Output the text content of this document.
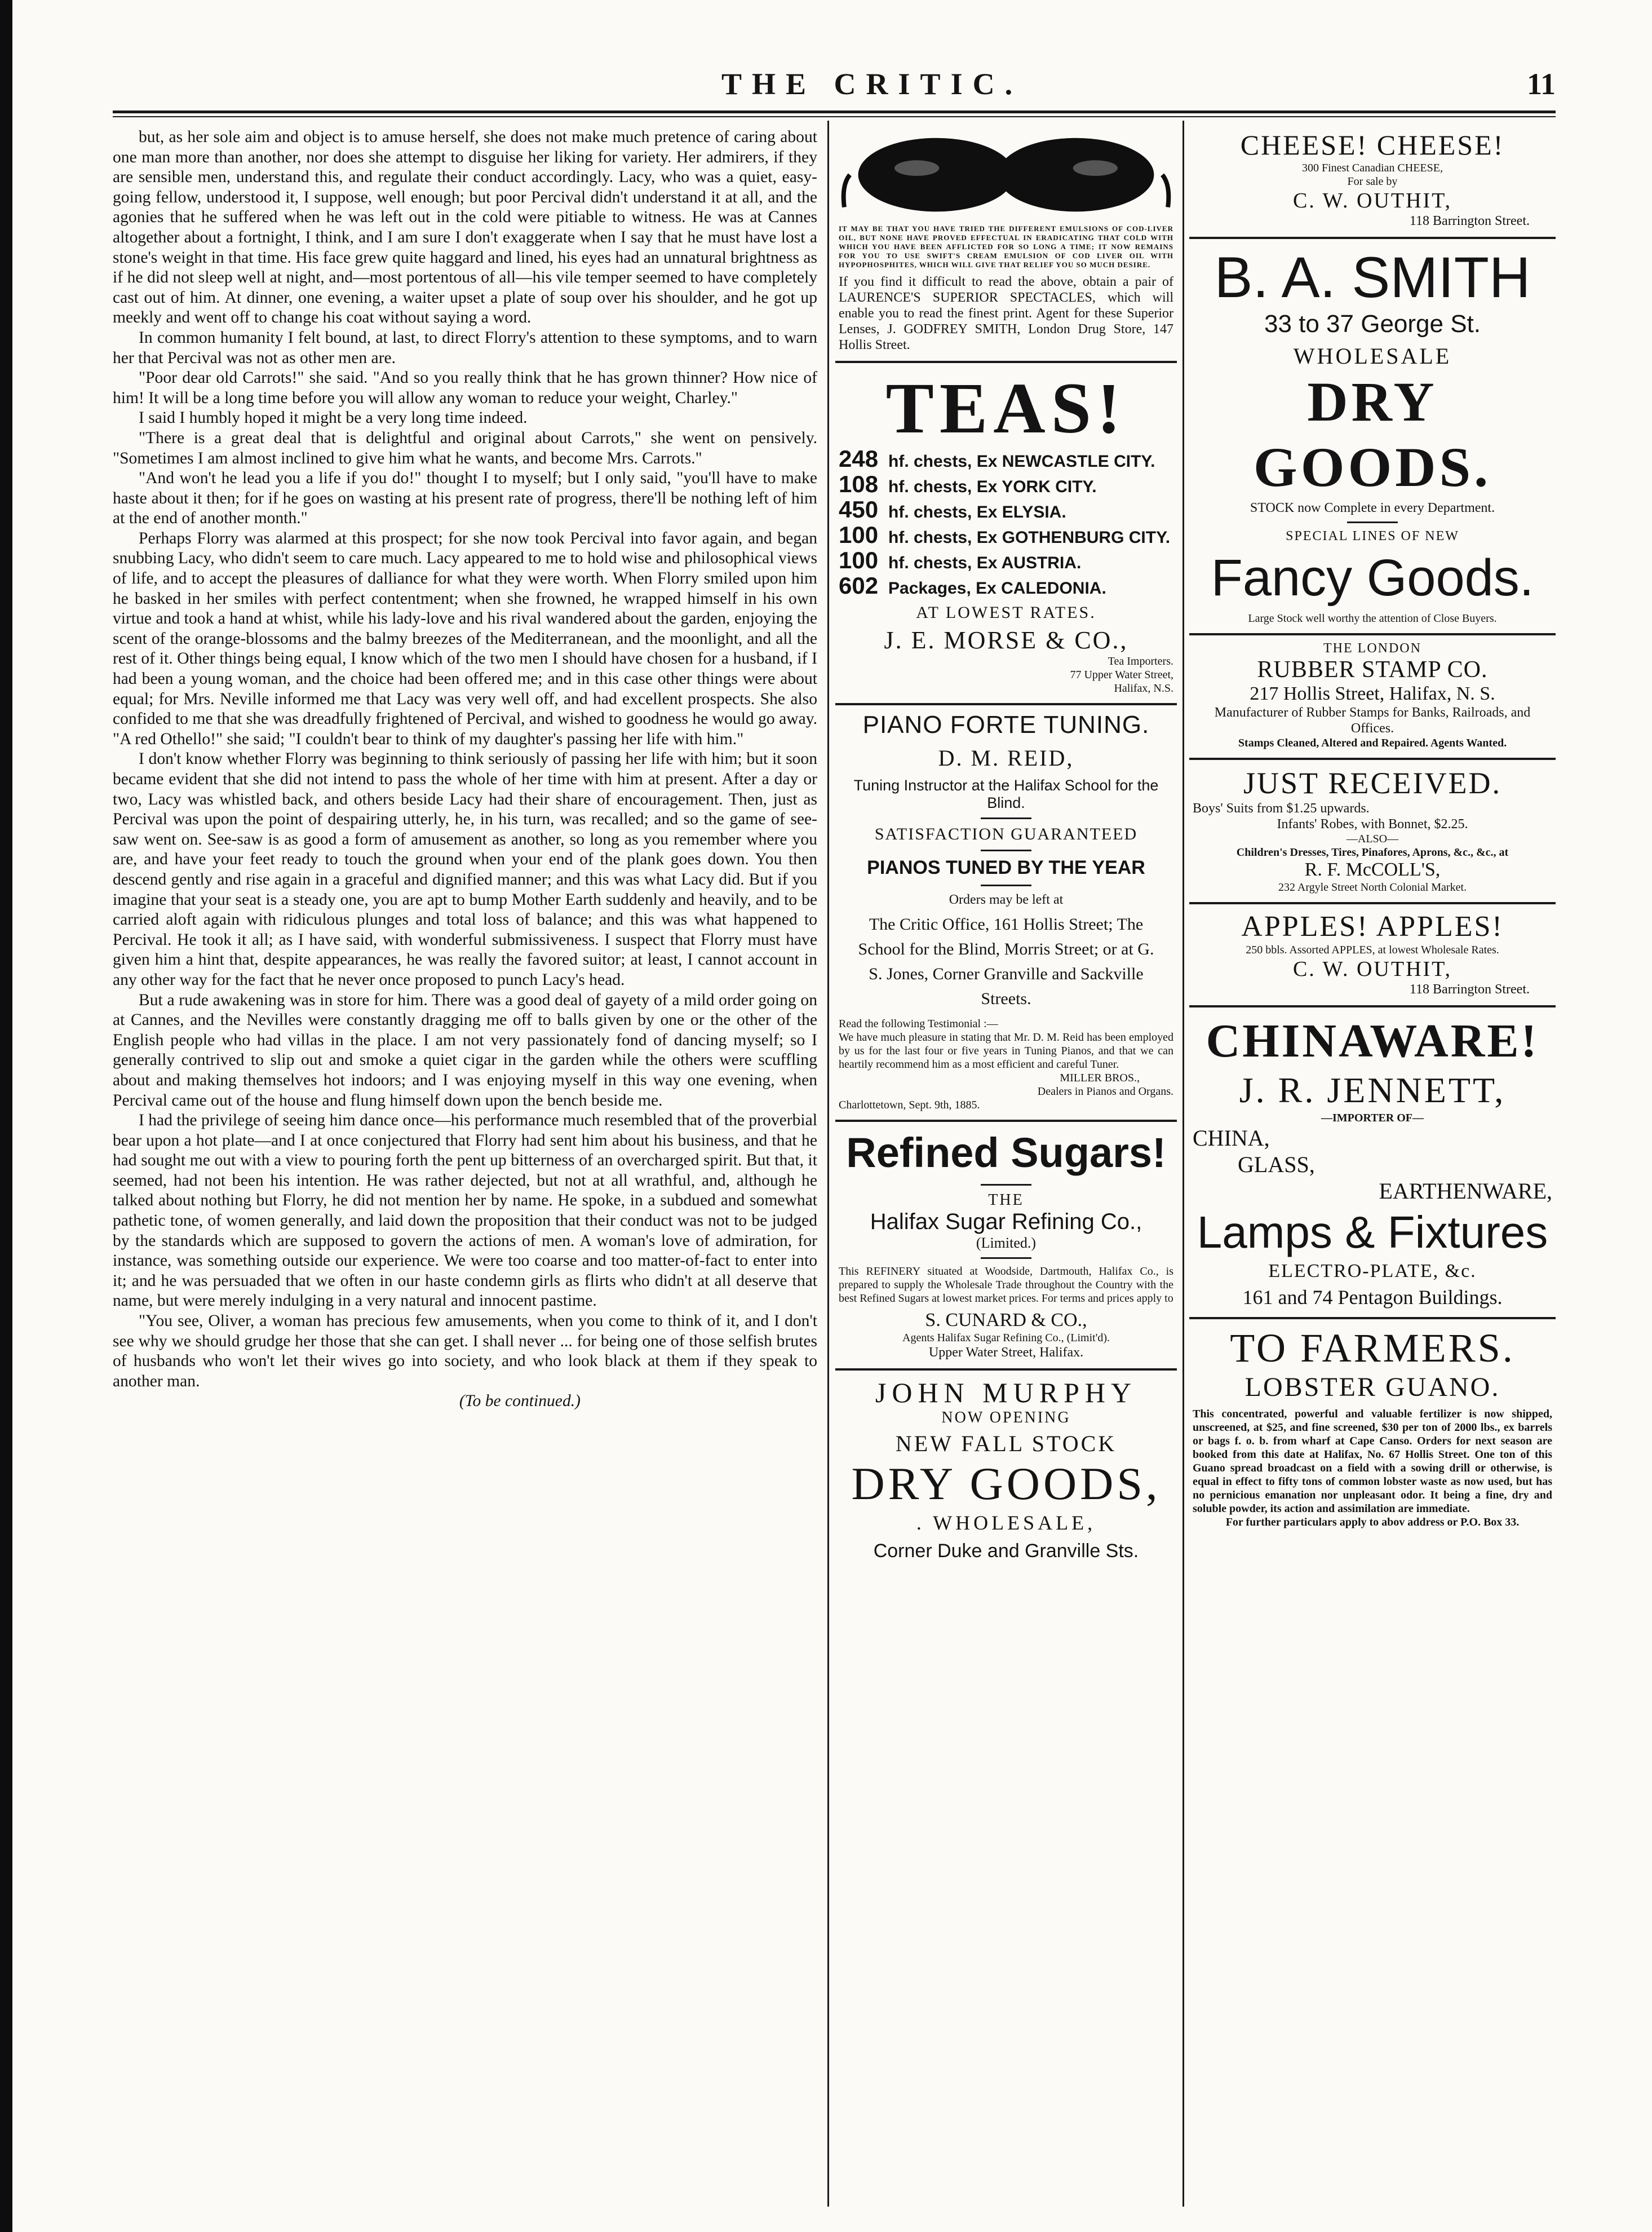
THE CRITIC.	11

but, as her sole aim and object is to amuse herself, she does not make much pretence of caring about one man more than another, nor does she attempt to disguise her liking for variety. Her admirers, if they are sensible men, understand this, and regulate their conduct accordingly. Lacy, who was a quiet, easy-going fellow, understood it, I suppose, well enough; but poor Percival didn't understand it at all, and the agonies that he suffered when he was left out in the cold were pitiable to witness. He was at Cannes altogether about a fortnight, I think, and I am sure I don't exaggerate when I say that he must have lost a stone's weight in that time. His face grew quite haggard and lined, his eyes had an unnatural brightness as if he did not sleep well at night, and—most portentous of all—his vile temper seemed to have completely cast out of him. At dinner, one evening, a waiter upset a plate of soup over his shoulder, and he got up meekly and went off to change his coat without saying a word.

In common humanity I felt bound, at last, to direct Florry's attention to these symptoms, and to warn her that Percival was not as other men are.

"Poor dear old Carrots!" she said. "And so you really think that he has grown thinner? How nice of him! It will be a long time before you will allow any woman to reduce your weight, Charley."

I said I humbly hoped it might be a very long time indeed.

"There is a great deal that is delightful and original about Carrots," she went on pensively. "Sometimes I am almost inclined to give him what he wants, and become Mrs. Carrots."

"And won't he lead you a life if you do!" thought I to myself; but I only said, "you'll have to make haste about it then; for if he goes on wasting at his present rate of progress, there'll be nothing left of him at the end of another month."

Perhaps Florry was alarmed at this prospect; for she now took Percival into favor again, and began snubbing Lacy, who didn't seem to care much. Lacy appeared to me to hold wise and philosophical views of life, and to accept the pleasures of dalliance for what they were worth. When Florry smiled upon him he basked in her smiles with perfect contentment; when she frowned, he wrapped himself in his own virtue and took a hand at whist, while his lady-love and his rival wandered about the garden, enjoying the scent of the orange-blossoms and the balmy breezes of the Mediterranean, and the moonlight, and all the rest of it. Other things being equal, I know which of the two men I should have chosen for a husband, if I had been a young woman, and the choice had been offered me; and in this case other things were about equal; for Mrs. Neville informed me that Lacy was very well off, and had excellent prospects. She also confided to me that she was dreadfully frightened of Percival, and wished to goodness he would go away. "A red Othello!" she said; "I couldn't bear to think of my daughter's passing her life with him."

I don't know whether Florry was beginning to think seriously of passing her life with him; but it soon became evident that she did not intend to pass the whole of her time with him at present. After a day or two, Lacy was whistled back, and others beside Lacy had their share of encouragement. Then, just as Percival was upon the point of despairing utterly, he, in his turn, was recalled; and so the game of see-saw went on. See-saw is as good a form of amusement as another, so long as you remember where you are, and have your feet ready to touch the ground when your end of the plank goes down. You then descend gently and rise again in a graceful and dignified manner; and this was what Lacy did. But if you imagine that your seat is a steady one, you are apt to bump Mother Earth suddenly and heavily, and to be carried aloft again with ridiculous plunges and total loss of balance; and this was what happened to Percival. He took it all; as I have said, with wonderful submissiveness. I suspect that Florry must have given him a hint that, despite appearances, he was really the favored suitor; at least, I cannot account in any other way for the fact that he never once proposed to punch Lacy's head.

But a rude awakening was in store for him. There was a good deal of gayety of a mild order going on at Cannes, and the Nevilles were constantly dragging me off to balls given by one or the other of the English people who had villas in the place. I am not very passionately fond of dancing myself; so I generally contrived to slip out and smoke a quiet cigar in the garden while the others were scuffling about and making themselves hot indoors; and I was enjoying myself in this way one evening, when Percival came out of the house and flung himself down upon the bench beside me.

I had the privilege of seeing him dance once—his performance much resembled that of the proverbial bear upon a hot plate—and I at once conjectured that Florry had sent him about his business, and that he had sought me out with a view to pouring forth the pent up bitterness of an overcharged spirit. But that, it seemed, had not been his intention. He was rather dejected, but not at all wrathful, and, although he talked about nothing but Florry, he did not mention her by name. He spoke, in a subdued and somewhat pathetic tone, of women generally, and laid down the proposition that their conduct was not to be judged by the standards which are supposed to govern the actions of men. A woman's love of admiration, for instance, was something outside our experience. We were too coarse and too matter-of-fact to enter into it; and he was persuaded that we often in our haste condemn girls as flirts who didn't at all deserve that name, but were merely indulging in a very natural and innocent pastime.

"You see, Oliver, a woman has precious few amusements, when you come to think of it, and I don't see why we should grudge her those that she can get. I shall never ... for being one of those selfish brutes of husbands who won't let their wives go into society, and who look black at them if they speak to another man.

(To be continued.)

IT MAY BE THAT YOU HAVE TRIED THE DIFFERENT EMULSIONS OF COD-LIVER OIL, BUT NONE HAVE PROVED EFFECTUAL IN ERADICATING THAT COLD WITH WHICH YOU HAVE BEEN AFFLICTED FOR SO LONG A TIME; IT NOW REMAINS FOR YOU TO USE SWIFT'S CREAM EMULSION OF COD LIVER OIL WITH HYPOPHOSPHITES, WHICH WILL GIVE THAT RELIEF YOU SO MUCH DESIRE.
If you find it difficult to read the above, obtain a pair of LAURENCE'S SUPERIOR SPECTACLES, which will enable you to read the finest print. Agent for these Superior Lenses, J. GODFREY SMITH, London Drug Store, 147 Hollis Street.
TEAS!
248 hf. chests, Ex NEWCASTLE CITY.
108 hf. chests, Ex YORK CITY.
450 hf. chests, Ex ELYSIA.
100 hf. chests, Ex GOTHENBURG CITY.
100 hf. chests, Ex AUSTRIA.
602 Packages, Ex CALEDONIA.
AT LOWEST RATES.
J. E. MORSE & CO.,
Tea Importers.
77 Upper Water Street,
Halifax, N.S.
PIANO FORTE TUNING.
D. M. REID,
Tuning Instructor at the Halifax School for the Blind.
SATISFACTION GUARANTEED
PIANOS TUNED BY THE YEAR
Orders may be left at
The Critic Office, 161 Hollis Street; The School for the Blind, Morris Street; or at G. S. Jones, Corner Granville and Sackville Streets.
Read the following Testimonial :—
We have much pleasure in stating that Mr. D. M. Reid has been employed by us for the last four or five years in Tuning Pianos, and that we can heartily recommend him as a most efficient and careful Tuner.
MILLER BROS.,
Dealers in Pianos and Organs.
Charlottetown, Sept. 9th, 1885.
Refined Sugars!
THE
Halifax Sugar Refining Co.,
(Limited.)
This REFINERY situated at Woodside, Dartmouth, Halifax Co., is prepared to supply the Wholesale Trade throughout the Country with the best Refined Sugars at lowest market prices. For terms and prices apply to
S. CUNARD & CO.,
Agents Halifax Sugar Refining Co., (Limit'd).
Upper Water Street, Halifax.
JOHN MURPHY
NOW OPENING
NEW FALL STOCK
DRY GOODS,
. WHOLESALE,
Corner Duke and Granville Sts.
CHEESE! CHEESE!
300 Finest Canadian CHEESE,
For sale by
C. W. OUTHIT,
118 Barrington Street.
B. A. SMITH
33 to 37 George St.
WHOLESALE
DRY GOODS.
STOCK now Complete in every Department.
SPECIAL LINES OF NEW
Fancy Goods.
Large Stock well worthy the attention of Close Buyers.
THE LONDON
RUBBER STAMP CO.
217 Hollis Street, Halifax, N. S.
Manufacturer of Rubber Stamps for Banks, Railroads, and Offices.
Stamps Cleaned, Altered and Repaired. Agents Wanted.
JUST RECEIVED.
Boys' Suits from $1.25 upwards.
Infants' Robes, with Bonnet, $2.25.
—ALSO—
Children's Dresses, Tires, Pinafores, Aprons, &c., &c., at
R. F. McCOLL'S,
232 Argyle Street North Colonial Market.
APPLES! APPLES!
250 bbls. Assorted APPLES, at lowest Wholesale Rates.
C. W. OUTHIT,
118 Barrington Street.
CHINAWARE!
J. R. JENNETT,
—IMPORTER OF—
CHINA,
GLASS,
EARTHENWARE,
Lamps & Fixtures
ELECTRO-PLATE, &c.
161 and 74 Pentagon Buildings.
TO FARMERS.
LOBSTER GUANO.
This concentrated, powerful and valuable fertilizer is now shipped, unscreened, at $25, and fine screened, $30 per ton of 2000 lbs., ex barrels or bags f. o. b. from wharf at Cape Canso. Orders for next season are booked from this date at Halifax, No. 67 Hollis Street. One ton of this Guano spread broadcast on a field with a sowing drill or otherwise, is equal in effect to fifty tons of common lobster waste as now used, but has no pernicious emanation nor unpleasant odor. It being a fine, dry and soluble powder, its action and assimilation are immediate.
For further particulars apply to abov address or P.O. Box 33.
